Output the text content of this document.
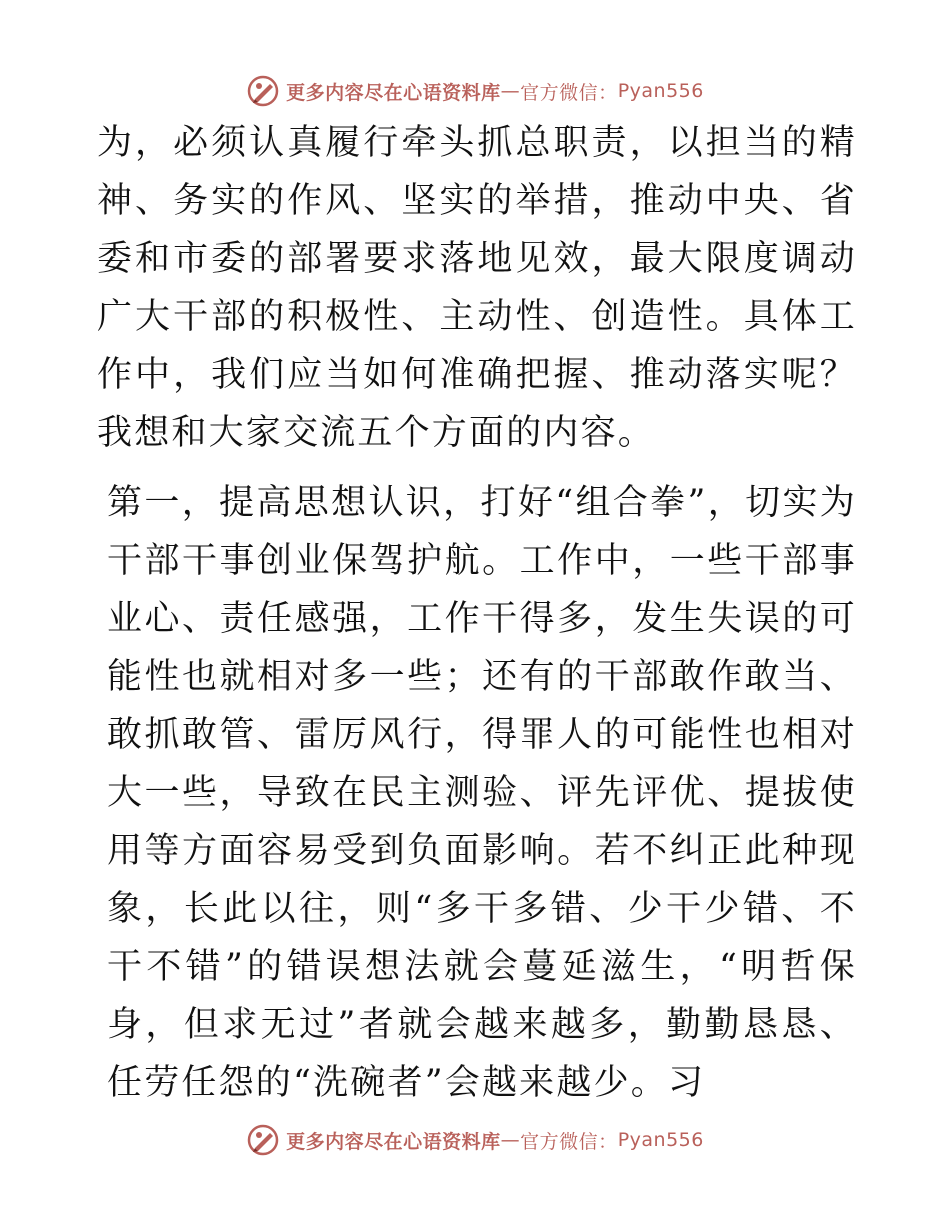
更多内容尽在心语资料库 — 官方微信： Pyan556

为，必须认真履行牵头抓总职责，以担当的精神、务实的作风、坚实的举措，推动中央、省委和市委的部署要求落地见效，最大限度调动广大干部的积极性、主动性、创造性。具体工作中，我们应当如何准确把握、推动落实呢？ 我想和大家交流五个方面的内容。

第一，提高思想认识，打好“组合拳”，切实为干部干事创业保驾护航。工作中，一些干部事业心、责任感强，工作干得多，发生失误的可能性也就相对多一些；还有的干部敢作敢当、敢抓敢管、雷厉风行，得罪人的可能性也相对大一些，导致在民主测验、评先评优、提拔使用等方面容易受到负面影响。若不纠正此种现象，长此以往，则“多干多错、少干少错、不干不错”的错误想法就会蔓延滋生，“明哲保身，但求无过”者就会越来越多，勤勤恳恳、任劳任怨的“洗碗者”会越来越少。习

更多内容尽在心语资料库 — 官方微信： Pyan556
